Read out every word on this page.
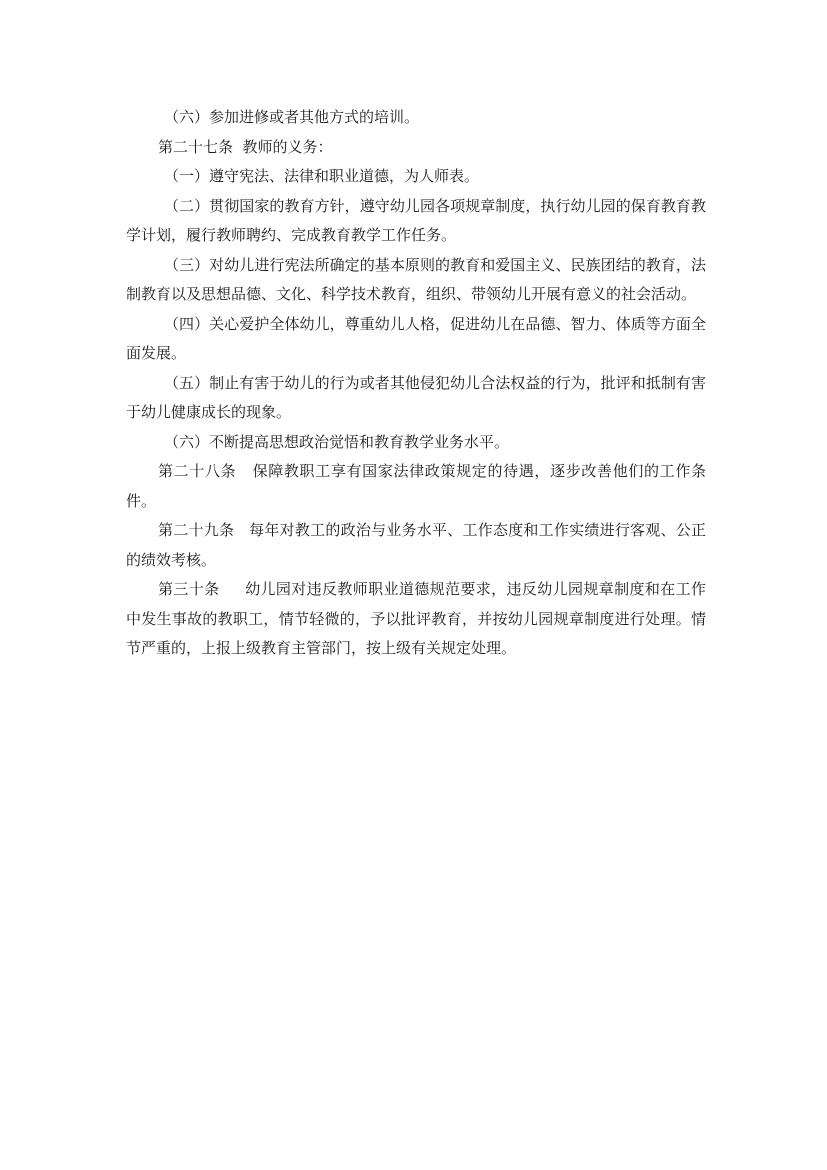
（六）参加进修或者其他方式的培训。

第二十七条  教师的义务：

（一）遵守宪法、法律和职业道德，为人师表。

（二）贯彻国家的教育方针，遵守幼儿园各项规章制度，执行幼儿园的保育教育教学计划，履行教师聘约、完成教育教学工作任务。

（三）对幼儿进行宪法所确定的基本原则的教育和爱国主义、民族团结的教育，法制教育以及思想品德、文化、科学技术教育，组织、带领幼儿开展有意义的社会活动。

（四）关心爱护全体幼儿，尊重幼儿人格，促进幼儿在品德、智力、体质等方面全面发展。

（五）制止有害于幼儿的行为或者其他侵犯幼儿合法权益的行为，批评和抵制有害于幼儿健康成长的现象。

（六）不断提高思想政治觉悟和教育教学业务水平。

第二十八条   保障教职工享有国家法律政策规定的待遇，逐步改善他们的工作条件。

第二十九条   每年对教工的政治与业务水平、工作态度和工作实绩进行客观、公正的绩效考核。

第三十条     幼儿园对违反教师职业道德规范要求，违反幼儿园规章制度和在工作中发生事故的教职工，情节轻微的，予以批评教育，并按幼儿园规章制度进行处理。情节严重的，上报上级教育主管部门，按上级有关规定处理。
